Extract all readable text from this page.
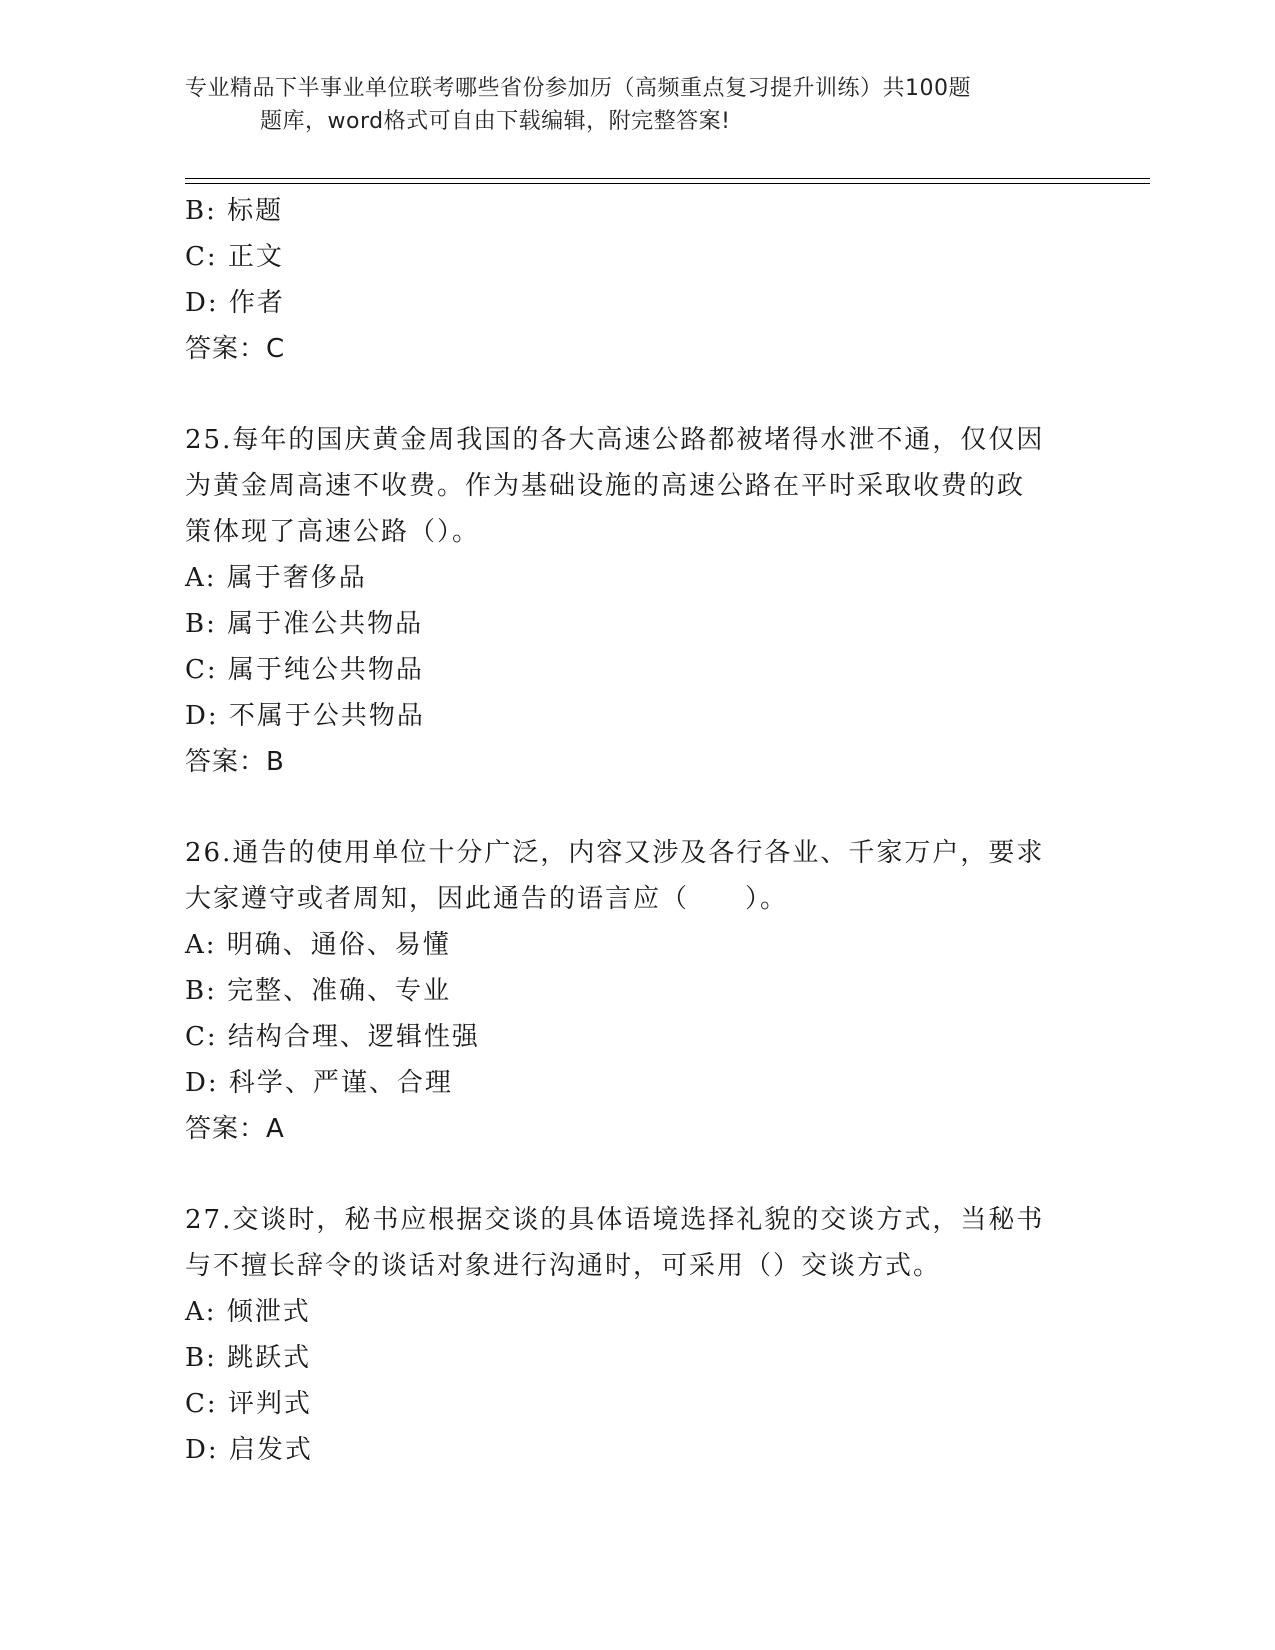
专业精品下半事业单位联考哪些省份参加历（高频重点复习提升训练）共100题

题库，word格式可自由下载编辑，附完整答案!
B: 标题
C: 正文
D: 作者
答案：C
25.每年的国庆黄金周我国的各大高速公路都被堵得水泄不通，仅仅因
为黄金周高速不收费。作为基础设施的高速公路在平时采取收费的政
策体现了高速公路（）。
A: 属于奢侈品
B: 属于准公共物品
C: 属于纯公共物品
D: 不属于公共物品
答案：B
26.通告的使用单位十分广泛，内容又涉及各行各业、千家万户，要求
大家遵守或者周知，因此通告的语言应（　　）。
A: 明确、通俗、易懂
B: 完整、准确、专业
C: 结构合理、逻辑性强
D: 科学、严谨、合理
答案：A
27.交谈时，秘书应根据交谈的具体语境选择礼貌的交谈方式，当秘书
与不擅长辞令的谈话对象进行沟通时，可采用（）交谈方式。
A: 倾泄式
B: 跳跃式
C: 评判式
D: 启发式
